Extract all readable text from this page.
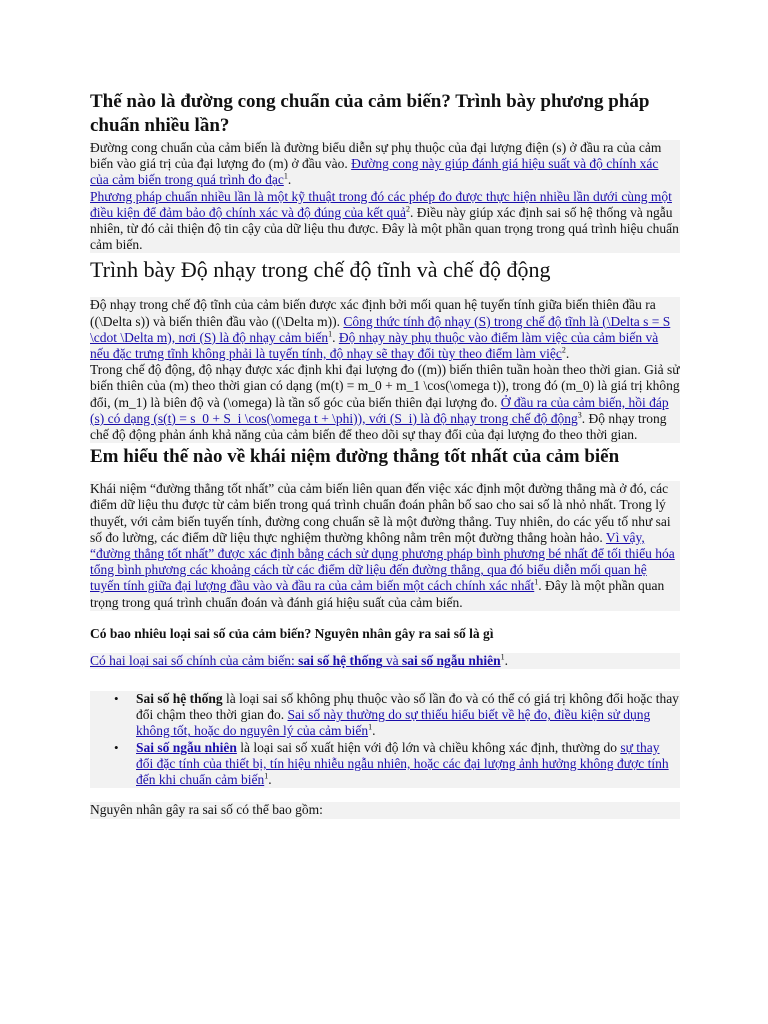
Thế nào là đường cong chuẩn của cảm biến? Trình bày phương pháp chuẩn nhiều lần?

Đường cong chuẩn của cảm biến là đường biểu diễn sự phụ thuộc của đại lượng điện (s) ở đầu ra của cảm biến vào giá trị của đại lượng đo (m) ở đầu vào. Đường cong này giúp đánh giá hiệu suất và độ chính xác của cảm biến trong quá trình đo đạc$^1$.

Phương pháp chuẩn nhiều lần là một kỹ thuật trong đó các phép đo được thực hiện nhiều lần dưới cùng một điều kiện để đảm bảo độ chính xác và độ đúng của kết quả$^2$. Điều này giúp xác định sai số hệ thống và ngẫu nhiên, từ đó cải thiện độ tin cậy của dữ liệu thu được. Đây là một phần quan trọng trong quá trình hiệu chuẩn cảm biến.

Trình bày Độ nhạy trong chế độ tĩnh và chế độ động

Độ nhạy trong chế độ tĩnh của cảm biến được xác định bởi mối quan hệ tuyến tính giữa biến thiên đầu ra ((\Delta s)) và biến thiên đầu vào ((\Delta m)). Công thức tính độ nhạy (S) trong chế độ tĩnh là (\Delta s = S \cdot \Delta m), nơi (S) là độ nhạy cảm biến$^1$. Độ nhạy này phụ thuộc vào điểm làm việc của cảm biến và nếu đặc trưng tĩnh không phải là tuyến tính, độ nhạy sẽ thay đổi tùy theo điểm làm việc$^2$.

Trong chế độ động, độ nhạy được xác định khi đại lượng đo ((m)) biến thiên tuần hoàn theo thời gian. Giả sử biến thiên của (m) theo thời gian có dạng (m(t) = m_0 + m_1 \cos(\omega t)), trong đó (m_0) là giá trị không đổi, (m_1) là biên độ và (\omega) là tần số góc của biến thiên đại lượng đo. Ở đầu ra của cảm biến, hồi đáp (s) có dạng (s(t) = s_0 + S_i \cos(\omega t + \phi)), với (S_i) là độ nhạy trong chế độ động$^3$. Độ nhạy trong chế độ động phản ánh khả năng của cảm biến để theo dõi sự thay đổi của đại lượng đo theo thời gian.

Em hiểu thế nào về khái niệm đường thẳng tốt nhất của cảm biến

Khái niệm “đường thẳng tốt nhất” của cảm biến liên quan đến việc xác định một đường thẳng mà ở đó, các điểm dữ liệu thu được từ cảm biến trong quá trình chuẩn đoán phân bố sao cho sai số là nhỏ nhất. Trong lý thuyết, với cảm biến tuyến tính, đường cong chuẩn sẽ là một đường thẳng. Tuy nhiên, do các yếu tố như sai số đo lường, các điểm dữ liệu thực nghiệm thường không nằm trên một đường thẳng hoàn hảo. Vì vậy, “đường thẳng tốt nhất” được xác định bằng cách sử dụng phương pháp bình phương bé nhất để tối thiểu hóa tổng bình phương các khoảng cách từ các điểm dữ liệu đến đường thẳng, qua đó biểu diễn mối quan hệ tuyến tính giữa đại lượng đầu vào và đầu ra của cảm biến một cách chính xác nhất$^1$. Đây là một phần quan trọng trong quá trình chuẩn đoán và đánh giá hiệu suất của cảm biến.

Có bao nhiêu loại sai số của cảm biến? Nguyên nhân gây ra sai số là gì

Có hai loại sai số chính của cảm biến: sai số hệ thống và sai số ngẫu nhiên$^1$.

• Sai số hệ thống là loại sai số không phụ thuộc vào số lần đo và có thể có giá trị không đổi hoặc thay đổi chậm theo thời gian đo. Sai số này thường do sự thiếu hiểu biết về hệ đo, điều kiện sử dụng không tốt, hoặc do nguyên lý của cảm biến$^1$.
• Sai số ngẫu nhiên là loại sai số xuất hiện với độ lớn và chiều không xác định, thường do sự thay đổi đặc tính của thiết bị, tín hiệu nhiễu ngẫu nhiên, hoặc các đại lượng ảnh hưởng không được tính đến khi chuẩn cảm biến$^1$.

Nguyên nhân gây ra sai số có thể bao gồm:
